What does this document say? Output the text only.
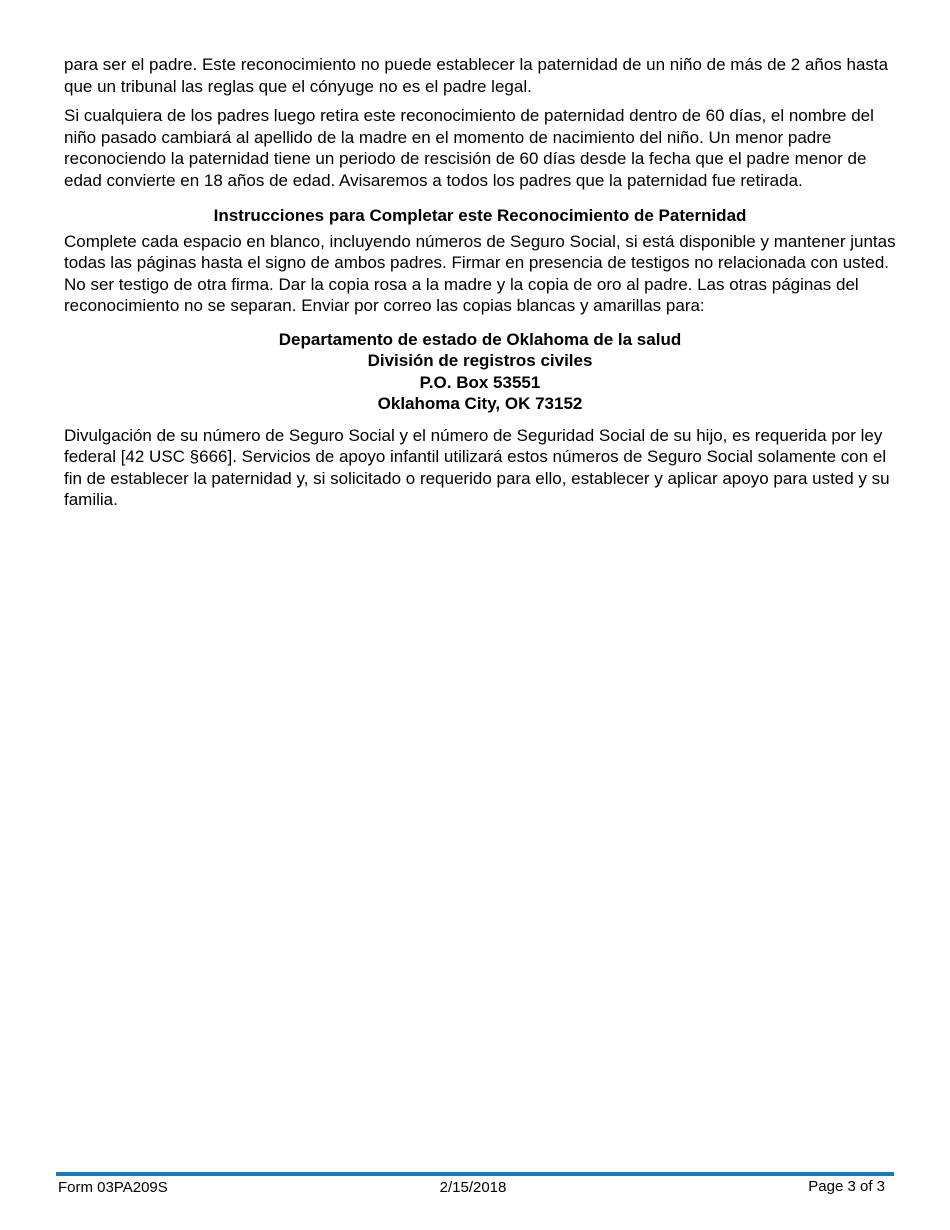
para ser el padre. Este reconocimiento no puede establecer la paternidad de un niño de más de 2 años hasta que un tribunal las reglas que el cónyuge no es el padre legal.

Si cualquiera de los padres luego retira este reconocimiento de paternidad dentro de 60 días, el nombre del niño pasado cambiará al apellido de la madre en el momento de nacimiento del niño. Un menor padre reconociendo la paternidad tiene un periodo de rescisión de 60 días desde la fecha que el padre menor de edad convierte en 18 años de edad. Avisaremos a todos los padres que la paternidad fue retirada.

Instrucciones para Completar este Reconocimiento de Paternidad

Complete cada espacio en blanco, incluyendo números de Seguro Social, si está disponible y mantener juntas todas las páginas hasta el signo de ambos padres. Firmar en presencia de testigos no relacionada con usted. No ser testigo de otra firma. Dar la copia rosa a la madre y la copia de oro al padre. Las otras páginas del reconocimiento no se separan. Enviar por correo las copias blancas y amarillas para:

Departamento de estado de Oklahoma de la salud
División de registros civiles
P.O. Box 53551
Oklahoma City, OK 73152

Divulgación de su número de Seguro Social y el número de Seguridad Social de su hijo, es requerida por ley federal [42 USC §666]. Servicios de apoyo infantil utilizará estos números de Seguro Social solamente con el fin de establecer la paternidad y, si solicitado o requerido para ello, establecer y aplicar apoyo para usted y su familia.

Form 03PA209S	2/15/2018	Page 3 of 3
